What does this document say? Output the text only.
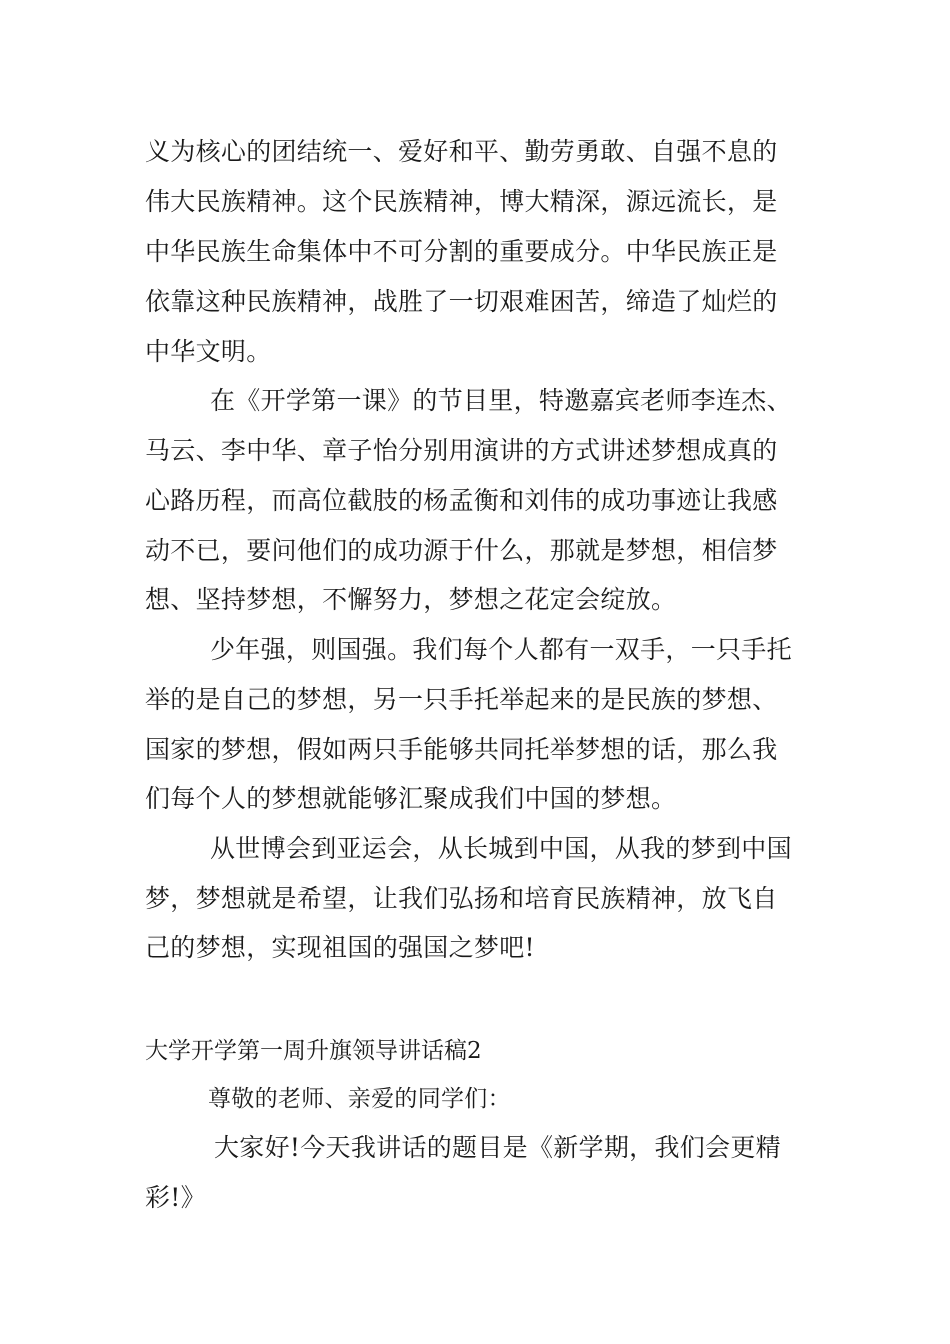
义为核心的团结统一、爱好和平、勤劳勇敢、自强不息的
伟大民族精神。这个民族精神，博大精深，源远流长，是
中华民族生命集体中不可分割的重要成分。中华民族正是
依靠这种民族精神，战胜了一切艰难困苦，缔造了灿烂的
中华文明。
在《开学第一课》的节目里，特邀嘉宾老师李连杰、
马云、李中华、章子怡分别用演讲的方式讲述梦想成真的
心路历程，而高位截肢的杨孟衡和刘伟的成功事迹让我感
动不已，要问他们的成功源于什么，那就是梦想，相信梦
想、坚持梦想，不懈努力，梦想之花定会绽放。
少年强，则国强。我们每个人都有一双手，一只手托
举的是自己的梦想，另一只手托举起来的是民族的梦想、
国家的梦想，假如两只手能够共同托举梦想的话，那么我
们每个人的梦想就能够汇聚成我们中国的梦想。
从世博会到亚运会，从长城到中国，从我的梦到中国
梦，梦想就是希望，让我们弘扬和培育民族精神，放飞自
己的梦想，实现祖国的强国之梦吧!
大学开学第一周升旗领导讲话稿2
尊敬的老师、亲爱的同学们：
大家好!今天我讲话的题目是《新学期，我们会更精
彩!》
